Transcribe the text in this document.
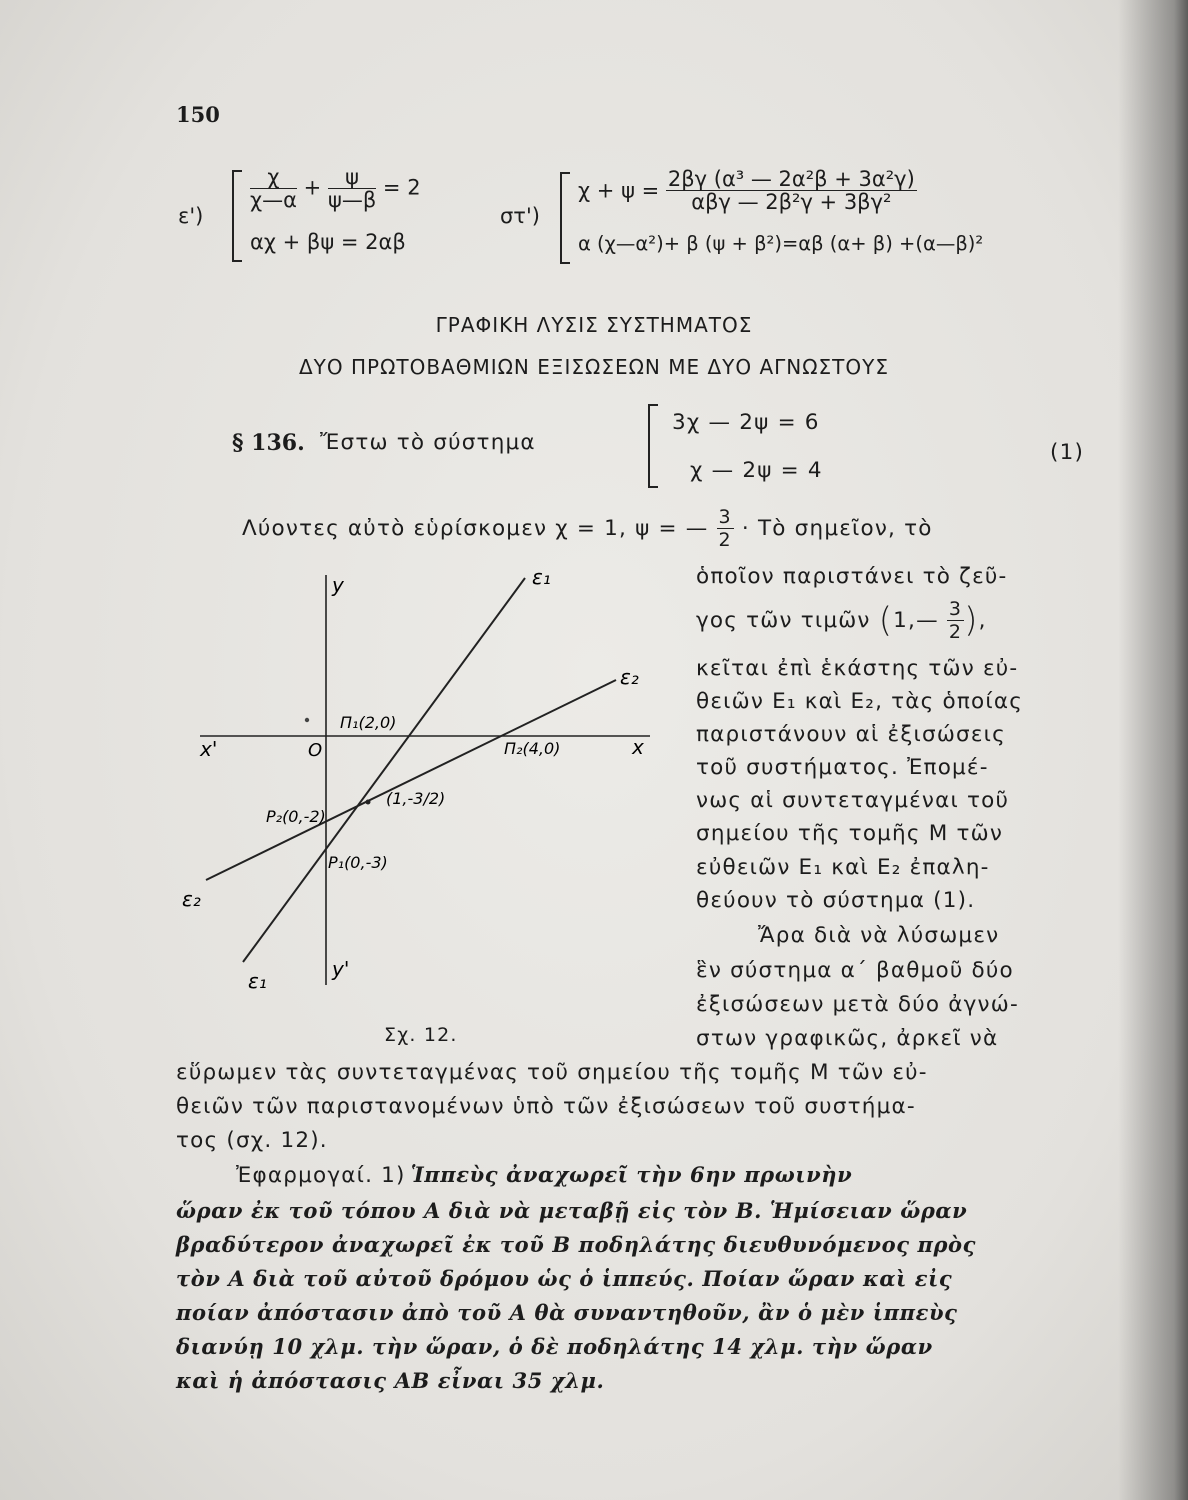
150
ε')
$\frac{\chi}{\chi—\alpha} + \frac{\psi}{\psi—\beta} = 2$
αχ + βψ = 2αβ
στ')
$\chi + \psi = \frac{\text{2βγ (α³ — 2α²β + 3α²γ)}}{\text{αβγ — 2β²γ + 3βγ²}}$
α (χ—α²)+ β (ψ + β²)=αβ (α+ β) +(α—β)²
ΓΡΑΦΙΚΗ ΛΥΣΙΣ ΣΥΣΤΗΜΑΤΟΣ
ΔΥΟ ΠΡΩΤΟΒΑΘΜΙΩΝ ΕΞΙΣΩΣΕΩΝ ΜΕ ΔΥΟ ΑΓΝΩΣΤΟΥΣ
§ 136. Ἔστω τὸ σύστημα
3χ — 2ψ = 6
χ — 2ψ = 4
(1)
Λύοντες αὐτὸ εὑρίσκομεν χ = 1, ψ = — $\frac{3}{2}$ · Τὸ σημεῖον, τὸ
ὁποῖον παριστάνει τὸ ζεῦ-
γος τῶν τιμῶν (1,— $\frac{3}{2}$ ),
κεῖται ἐπὶ ἑκάστης τῶν εὐ-
θειῶν Ε₁ καὶ Ε₂, τὰς ὁποίας
παριστάνουν αἱ ἐξισώσεις
τοῦ συστήματος. Ἐπομέ-
νως αἱ συντεταγμέναι τοῦ
σημείου τῆς τομῆς Μ τῶν
εὐθειῶν Ε₁ καὶ Ε₂ ἐπαλη-
θεύουν τὸ σύστημα (1).
Ἄρα διὰ νὰ λύσωμεν
ἓν σύστημα α΄ βαθμοῦ δύο
ἐξισώσεων μετὰ δύο ἀγνώ-
στων γραφικῶς, ἀρκεῖ νὰ
y
y'
x
x'	O
ε₁
ε₁
ε₂
ε₂
Π₁(2,0)
Π₂(4,0)
(1,-3/2)
P₂(0,-2)
P₁(0,-3)
Σχ. 12.
εὕρωμεν τὰς συντεταγμένας τοῦ σημείου τῆς τομῆς Μ τῶν εὐ-
θειῶν τῶν παριστανομένων ὑπὸ τῶν ἐξισώσεων τοῦ συστήμα-
τος (σχ. 12).
Ἐφαρμογαί. 1) Ἱππεὺς ἀναχωρεῖ τὴν 6ην πρωινὴν
ὥραν ἐκ τοῦ τόπου Α διὰ νὰ μεταβῇ εἰς τὸν Β. Ἡμίσειαν ὥραν
βραδύτερον ἀναχωρεῖ ἐκ τοῦ Β ποδηλάτης διευθυνόμενος πρὸς
τὸν Α διὰ τοῦ αὐτοῦ δρόμου ὡς ὁ ἱππεύς. Ποίαν ὥραν καὶ εἰς
ποίαν ἀπόστασιν ἀπὸ τοῦ Α θὰ συναντηθοῦν, ἂν ὁ μὲν ἱππεὺς
διανύῃ 10 χλμ. τὴν ὥραν, ὁ δὲ ποδηλάτης 14 χλμ. τὴν ὥραν
καὶ ἡ ἀπόστασις ΑΒ εἶναι 35 χλμ.
